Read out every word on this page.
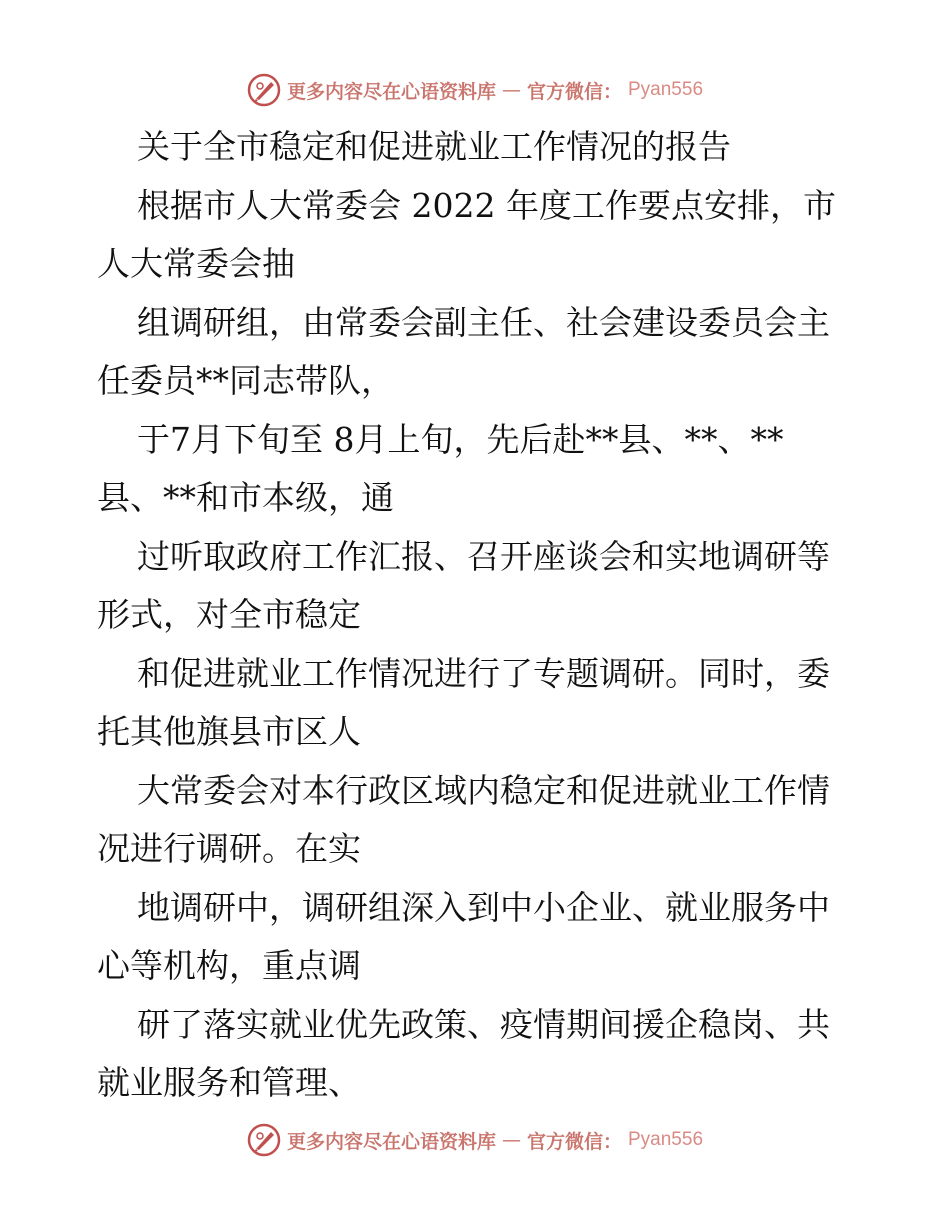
更多内容尽在心语资料库 — 官方微信： Pyan556
关于全市稳定和促进就业工作情况的报告
根据市人大常委会 2022 年度工作要点安排，市
人大常委会抽
组调研组，由常委会副主任、社会建设委员会主
任委员**同志带队，
于7月下旬至 8月上旬，先后赴**县、**、**
县、**和市本级，通
过听取政府工作汇报、召开座谈会和实地调研等
形式，对全市稳定
和促进就业工作情况进行了专题调研。同时，委
托其他旗县市区人
大常委会对本行政区域内稳定和促进就业工作情
况进行调研。在实
地调研中，调研组深入到中小企业、就业服务中
心等机构，重点调
研了落实就业优先政策、疫情期间援企稳岗、共
就业服务和管理、
更多内容尽在心语资料库 — 官方微信： Pyan556
